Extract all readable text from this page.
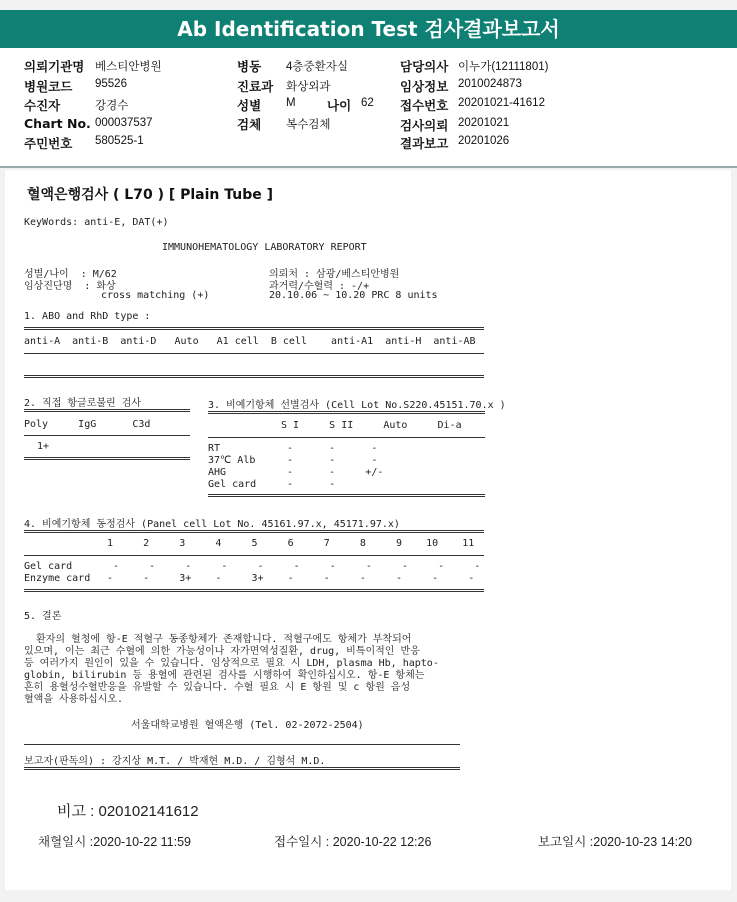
Ab Identification Test 검사결과보고서
의뢰기관명 베스티안병원
병원코드 95526
수진자	강경수
Chart No. 000037537
주민번호 580525-1
병동 4층중환자실
진료과 화상외과
성별 M	나이 62
검체 복수검체
담당의사 이누가(12111801)
임상정보 2010024873
접수번호 20201021-41612
검사의뢰 20201021
결과보고 20201026
혈액은행검사 ( L70 ) [ Plain Tube ]
KeyWords: anti-E, DAT(+)
IMMUNOHEMATOLOGY LABORATORY REPORT
성별/나이  : M/62
임상진단명  : 화상
cross matching (+)
의뢰처 : 삼광/베스티안병원
과거력/수혈력 : -/+
20.10.06 ~ 10.20 PRC 8 units
1. ABO and RhD type :
anti-A  anti-B  anti-D   Auto   A1 cell  B cell    anti-A1  anti-H  anti-AB
2. 직접 항글로불린 검사
Poly     IgG      C3d
1+
3. 비예기항체 선별검사 (Cell Lot No.S220.45151.70.x )
S I     S II     Auto     Di-a
RT	-      -      -
37℃ Alb -      -      -
AHG	-      -     +/-
Gel card -      -
4. 비예기항체 동정검사 (Panel cell Lot No. 45161.97.x, 45171.97.x)
1     2     3     4     5     6     7     8     9    10    11
Gel card	-     -     -     -     -     -     -     -     -     -     -
Enzyme card -     -     3+    -     3+    -     -     -     -     -     -
5. 결론
환자의 혈청에 항-E 적혈구 동종항체가 존재합니다. 적혈구에도 항체가 부착되어
있으며, 이는 최근 수혈에 의한 가능성이나 자가면역성질환, drug, 비특이적인 반응
등 여러가지 원인이 있을 수 있습니다. 임상적으로 필요 시 LDH, plasma Hb, hapto-
globin, bilirubin 등 용혈에 관련된 검사를 시행하여 확인하십시오. 항-E 항체는
흔히 용혈성수혈반응을 유발할 수 있습니다. 수혈 필요 시 E 항원 및 c 항원 음성
혈액을 사용하십시오.
서울대학교병원 혈액은행 (Tel. 02-2072-2504)
보고자(판독의) : 강지상 M.T. / 박재현 M.D. / 김형석 M.D.
비고 : 020102141612
채혈일시 :2020-10-22 11:59	접수일시 : 2020-10-22 12:26	보고일시 :2020-10-23 14:20
